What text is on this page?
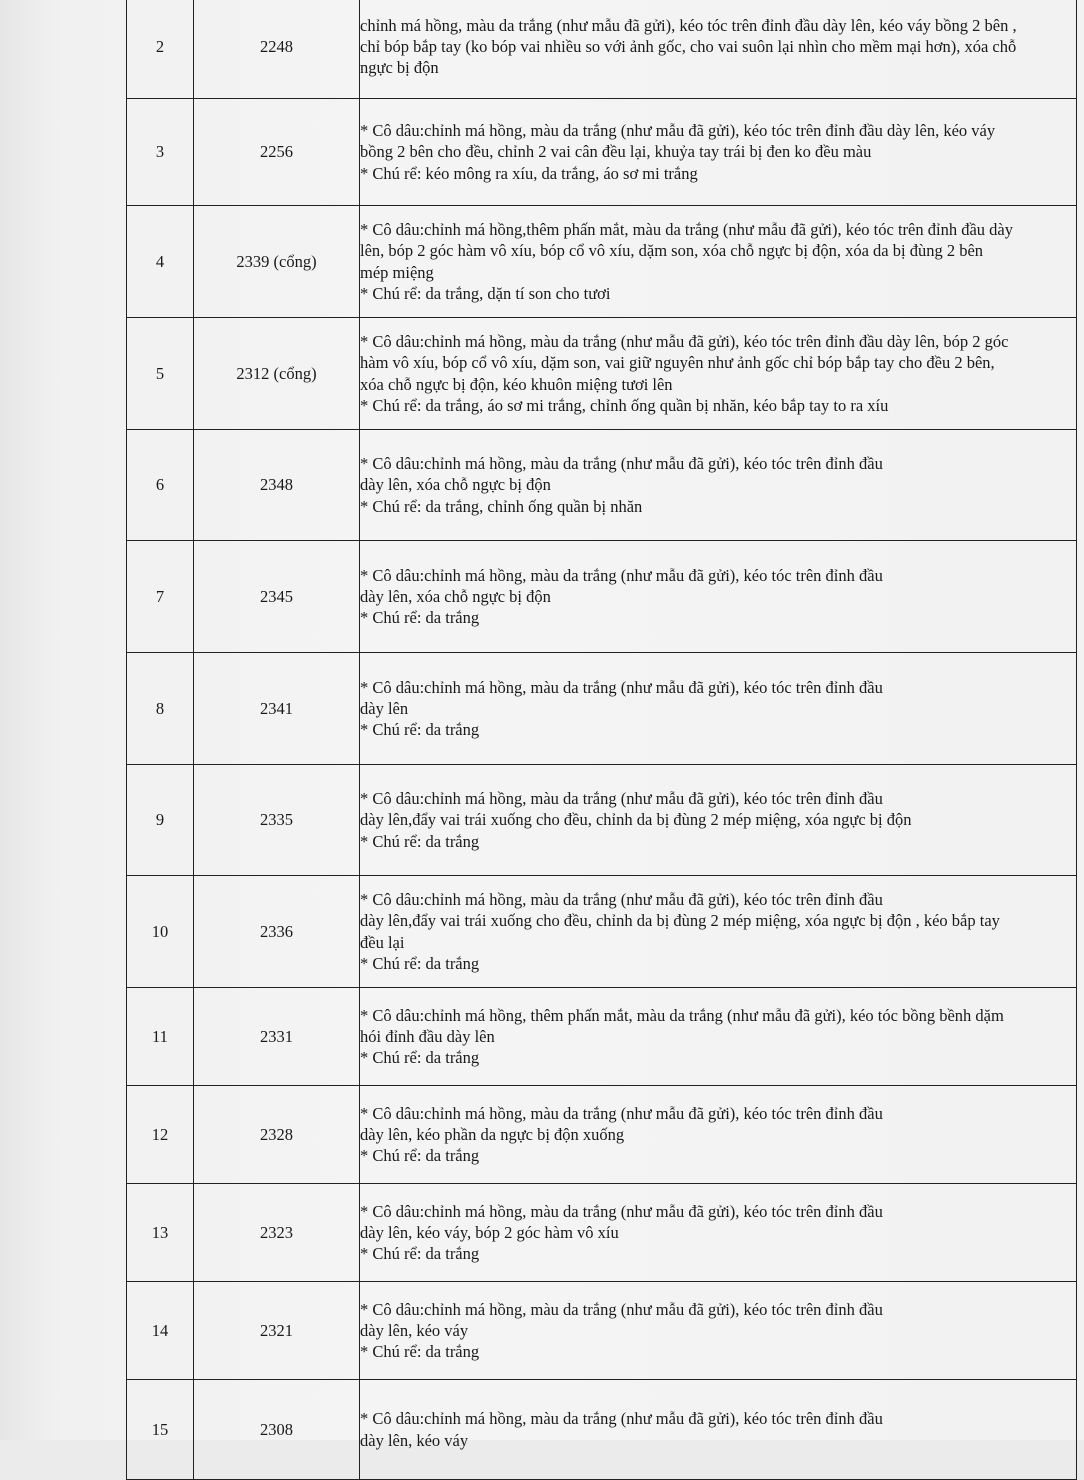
2	2248	chỉnh má hồng, màu da trắng (như mẫu đã gửi), kéo tóc trên đỉnh đầu dày lên, kéo váy bồng 2 bên ,
chỉ bóp bắp tay (ko bóp vai nhiều so với ảnh gốc, cho vai suôn lại nhìn cho mềm mại hơn), xóa chỗ
ngực bị độn

3	2256	* Cô dâu:chỉnh má hồng, màu da trắng (như mẫu đã gửi), kéo tóc trên đỉnh đầu dày lên, kéo váy
bồng 2 bên cho đều, chỉnh 2 vai cân đều lại, khuỷa tay trái bị đen ko đều màu
* Chú rể: kéo mông ra xíu, da trắng, áo sơ mi trắng

4	2339 (cổng)	* Cô dâu:chỉnh má hồng,thêm phấn mắt, màu da trắng (như mẫu đã gửi), kéo tóc trên đỉnh đầu dày
lên, bóp 2 góc hàm vô xíu, bóp cổ vô xíu, dặm son, xóa chỗ ngực bị độn, xóa da bị đùng 2 bên
mép miệng
* Chú rể: da trắng, dặn tí son cho tươi

5	2312 (cổng)	* Cô dâu:chỉnh má hồng, màu da trắng (như mẫu đã gửi), kéo tóc trên đỉnh đầu dày lên, bóp 2 góc
hàm vô xíu, bóp cổ vô xíu, dặm son, vai giữ nguyên như ảnh gốc chỉ bóp bắp tay cho đều 2 bên,
xóa chỗ ngực bị độn, kéo khuôn miệng tươi lên
* Chú rể: da trắng, áo sơ mi trắng, chỉnh ống quần bị nhăn, kéo bắp tay to ra xíu

6	2348	* Cô dâu:chỉnh má hồng, màu da trắng (như mẫu đã gửi), kéo tóc trên đỉnh đầu
dày lên, xóa chỗ ngực bị độn
* Chú rể: da trắng, chỉnh ống quần bị nhăn

7	2345	* Cô dâu:chỉnh má hồng, màu da trắng (như mẫu đã gửi), kéo tóc trên đỉnh đầu
dày lên, xóa chỗ ngực bị độn
* Chú rể: da trắng

8	2341	* Cô dâu:chỉnh má hồng, màu da trắng (như mẫu đã gửi), kéo tóc trên đỉnh đầu
dày lên
* Chú rể: da trắng

9	2335	* Cô dâu:chỉnh má hồng, màu da trắng (như mẫu đã gửi), kéo tóc trên đỉnh đầu
dày lên,đẩy vai trái xuống cho đều, chỉnh da bị đùng 2 mép miệng, xóa ngực bị độn
* Chú rể: da trắng

10	2336	* Cô dâu:chỉnh má hồng, màu da trắng (như mẫu đã gửi), kéo tóc trên đỉnh đầu
dày lên,đẩy vai trái xuống cho đều, chỉnh da bị đùng 2 mép miệng, xóa ngực bị độn , kéo bắp tay
đều lại
* Chú rể: da trắng

11	2331	* Cô dâu:chỉnh má hồng, thêm phấn mắt, màu da trắng (như mẫu đã gửi), kéo tóc bồng bềnh dặm
hói đỉnh đầu dày lên
* Chú rể: da trắng

12	2328	* Cô dâu:chỉnh má hồng, màu da trắng (như mẫu đã gửi), kéo tóc trên đỉnh đầu
dày lên, kéo phần da ngực bị độn xuống
* Chú rể: da trắng

13	2323	* Cô dâu:chỉnh má hồng, màu da trắng (như mẫu đã gửi), kéo tóc trên đỉnh đầu
dày lên, kéo váy, bóp 2 góc hàm vô xíu
* Chú rể: da trắng

14	2321	* Cô dâu:chỉnh má hồng, màu da trắng (như mẫu đã gửi), kéo tóc trên đỉnh đầu
dày lên, kéo váy
* Chú rể: da trắng

15	2308	* Cô dâu:chỉnh má hồng, màu da trắng (như mẫu đã gửi), kéo tóc trên đỉnh đầu
dày lên, kéo váy
